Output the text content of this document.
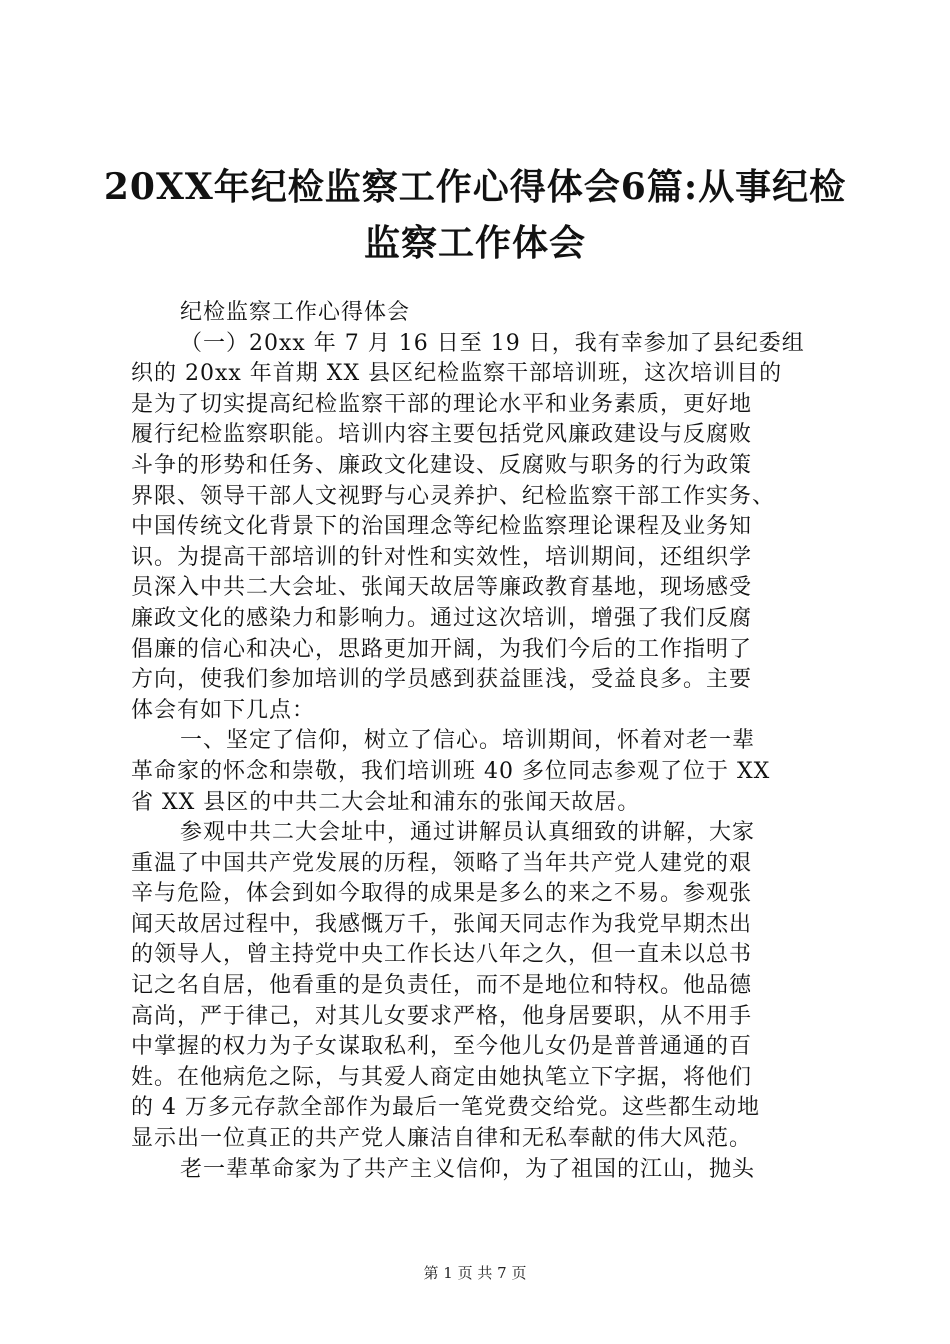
20XX年纪检监察工作心得体会6篇:从事纪检
监察工作体会
纪检监察工作心得体会
（一）20xx 年 7 月 16 日至 19 日，我有幸参加了县纪委组
织的 20xx 年首期 XX 县区纪检监察干部培训班，这次培训目的
是为了切实提高纪检监察干部的理论水平和业务素质，更好地
履行纪检监察职能。培训内容主要包括党风廉政建设与反腐败
斗争的形势和任务、廉政文化建设、反腐败与职务的行为政策
界限、领导干部人文视野与心灵养护、纪检监察干部工作实务、
中国传统文化背景下的治国理念等纪检监察理论课程及业务知
识。为提高干部培训的针对性和实效性，培训期间，还组织学
员深入中共二大会址、张闻天故居等廉政教育基地，现场感受
廉政文化的感染力和影响力。通过这次培训，增强了我们反腐
倡廉的信心和决心，思路更加开阔，为我们今后的工作指明了
方向，使我们参加培训的学员感到获益匪浅，受益良多。主要
体会有如下几点：
一、坚定了信仰，树立了信心。培训期间，怀着对老一辈
革命家的怀念和崇敬，我们培训班 40 多位同志参观了位于 XX
省 XX 县区的中共二大会址和浦东的张闻天故居。
参观中共二大会址中，通过讲解员认真细致的讲解，大家
重温了中国共产党发展的历程，领略了当年共产党人建党的艰
辛与危险，体会到如今取得的成果是多么的来之不易。参观张
闻天故居过程中，我感慨万千，张闻天同志作为我党早期杰出
的领导人，曾主持党中央工作长达八年之久，但一直未以总书
记之名自居，他看重的是负责任，而不是地位和特权。他品德
高尚，严于律己，对其儿女要求严格，他身居要职，从不用手
中掌握的权力为子女谋取私利，至今他儿女仍是普普通通的百
姓。在他病危之际，与其爱人商定由她执笔立下字据，将他们
的 4 万多元存款全部作为最后一笔党费交给党。这些都生动地
显示出一位真正的共产党人廉洁自律和无私奉献的伟大风范。
老一辈革命家为了共产主义信仰，为了祖国的江山，抛头
第 1 页 共 7 页
